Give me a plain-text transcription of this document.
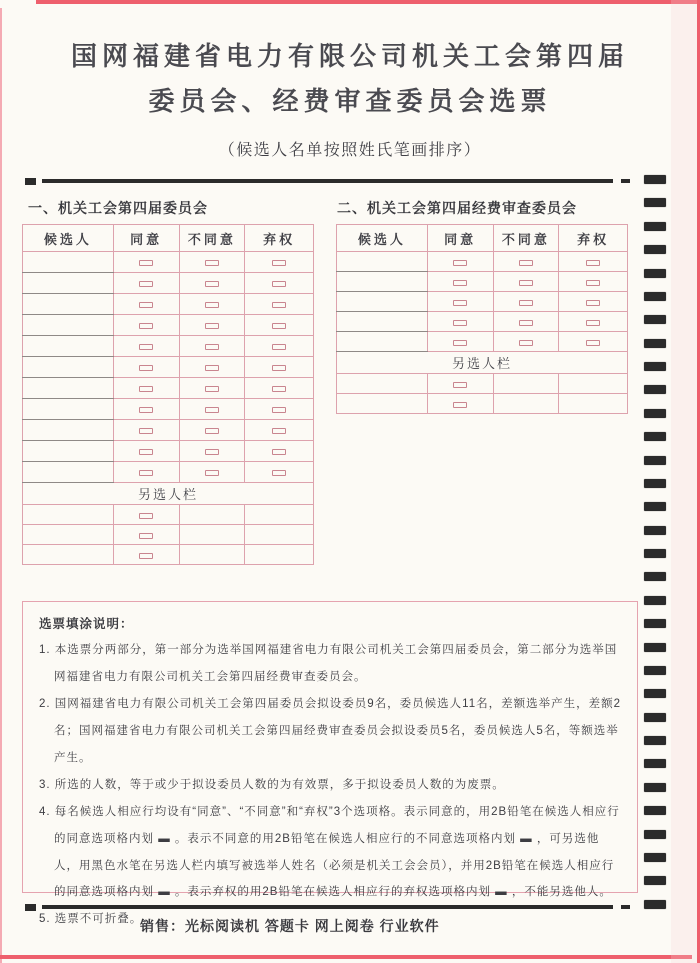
国网福建省电力有限公司机关工会第四届
委员会、经费审查委员会选票
（候选人名单按照姓氏笔画排序）
一、机关工会第四届委员会	二、机关工会第四届经费审查委员会
候选人	同意	不同意	弃权

另选人栏			

候选人	同意	不同意	弃权

另选人栏			

选票填涂说明：
1. 本选票分两部分，第一部分为选举国网福建省电力有限公司机关工会第四届委员会，第二部分为选举国网福建省电力有限公司机关工会第四届经费审查委员会。
2. 国网福建省电力有限公司机关工会第四届委员会拟设委员9名，委员候选人11名，差额选举产生，差额2名；国网福建省电力有限公司机关工会第四届经费审查委员会拟设委员5名，委员候选人5名，等额选举产生。
3. 所选的人数，等于或少于拟设委员人数的为有效票，多于拟设委员人数的为废票。
4. 每名候选人相应行均设有“同意”、“不同意”和“弃权”3个选项格。表示同意的，用2B铅笔在候选人相应行的同意选项格内划 ▬ 。表示不同意的用2B铅笔在候选人相应行的不同意选项格内划 ▬ ，可另选他人，用黑色水笔在另选人栏内填写被选举人姓名（必须是机关工会会员），并用2B铅笔在候选人相应行的同意选项格内划 ▬ 。表示弃权的用2B铅笔在候选人相应行的弃权选项格内划 ▬ ，不能另选他人。
5. 选票不可折叠。
销售：光标阅读机 答题卡 网上阅卷 行业软件
